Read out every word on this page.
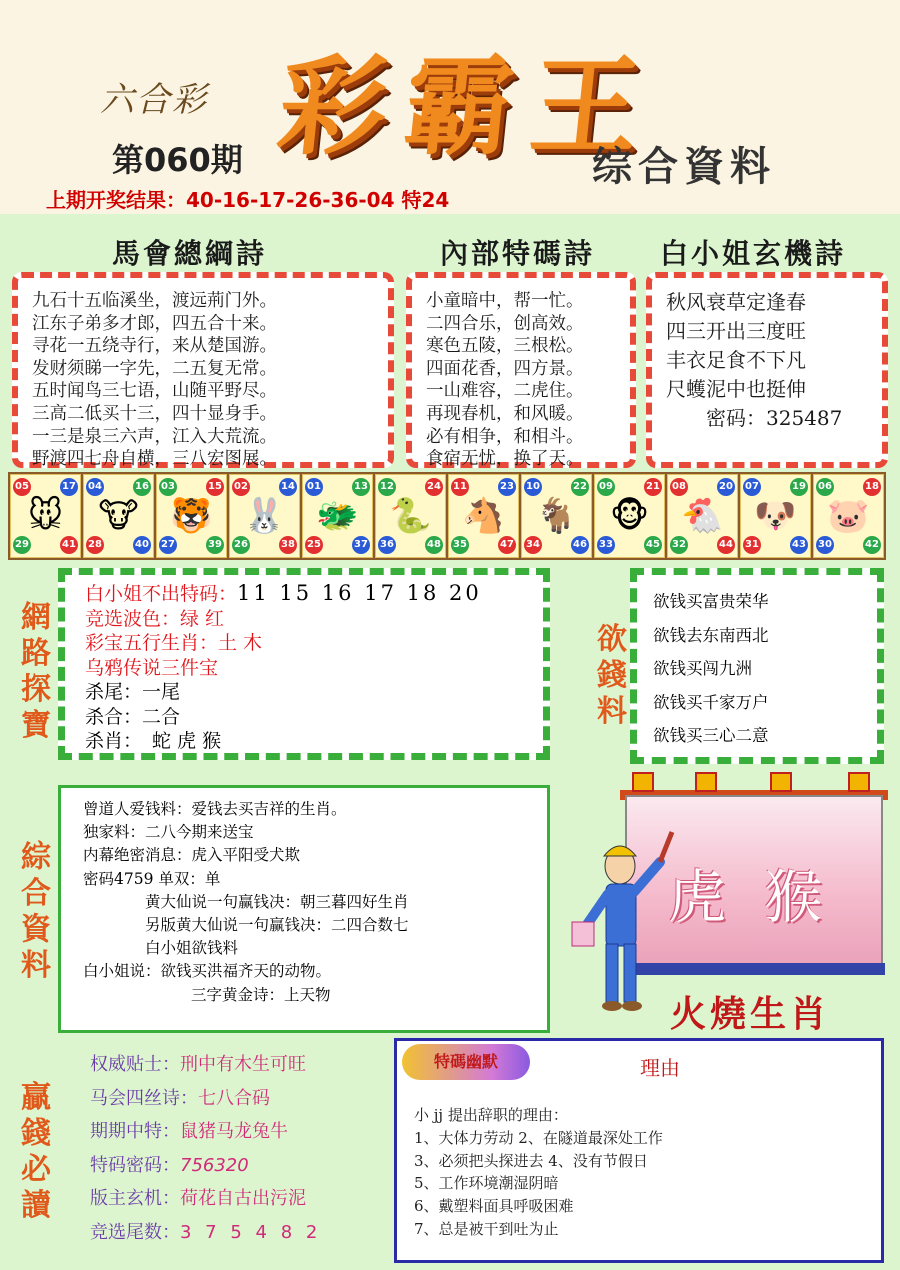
六合彩 彩霸王
第060期	综合資料
上期开奖结果：40-16-17-26-36-04 特24
馬會總綱詩	內部特碼詩 白小姐玄機詩
九石十五临溪坐，渡远荊门外。
江东子弟多才郎，四五合十来。
寻花一五绕寺行，来从楚国游。
发财须睇一字先，二五复无常。
五时闻鸟三七语，山随平野尽。
三高二低买十三，四十显身手。
一三是泉三六声，江入大荒流。
野渡四七舟自横，三八宏图展。
小童暗中，帮一忙。
二四合乐，创高效。
寒色五陵，三根松。
四面花香，四方景。
一山难容，二虎住。
再现春机，和风暖。
必有相争，和相斗。
食宿无忧，换了天。
秋风衰草定逢春
四三开出三度旺
丰衣足食不下凡
尺蠖泥中也挺伸
密码：325487
05	17
29	41
🐭
04	16
28	40
🐮
03	15
27	39
🐯
02	14
26	38
🐰
01	13
25	37
🐲
12	24
36	48
🐍
11	23
35	47
🐴
10	22
34	46
🐐
09	21
33	45
🐵
08	20
32	44
🐔
07	19
31	43
🐶
06	18
30	42
🐷
網路探寶
白小姐不出特码：11 15 16 17 18 20
竞选波色：绿 红
彩宝五行生肖：土 木
乌鸦传说三件宝
杀尾：一尾
杀合：二合
杀肖： 蛇 虎 猴
欲錢料
欲钱买富贵荣华
欲钱去东南西北
欲钱买闯九洲
欲钱买千家万户
欲钱买三心二意
綜合資料
曾道人爱钱料：爱钱去买吉祥的生肖。
独家料：二八今期来送宝
内幕绝密消息：虎入平阳受犬欺
密码4759 单双：单
黄大仙说一句赢钱决：朝三暮四好生肖
另版黄大仙说一句赢钱决：二四合数七
白小姐欲钱料
白小姐说：欲钱买洪福齐天的动物。
三字黄金诗：上天物
虎 猴
火燒生肖
贏錢必讀
权威贴士：刑中有木生可旺
马会四丝诗：七八合码
期期中特：鼠猪马龙兔牛
特码密码：756320
版主玄机：荷花自古出污泥
竞选尾数：3 7 5 4 8 2
特碼幽默	理由
小 jj 提出辞职的理由：
1、大体力劳动 2、在隧道最深处工作
3、必须把头探进去 4、没有节假日
5、工作环境潮湿阴暗
6、戴塑料面具呼吸困难
7、总是被干到吐为止
